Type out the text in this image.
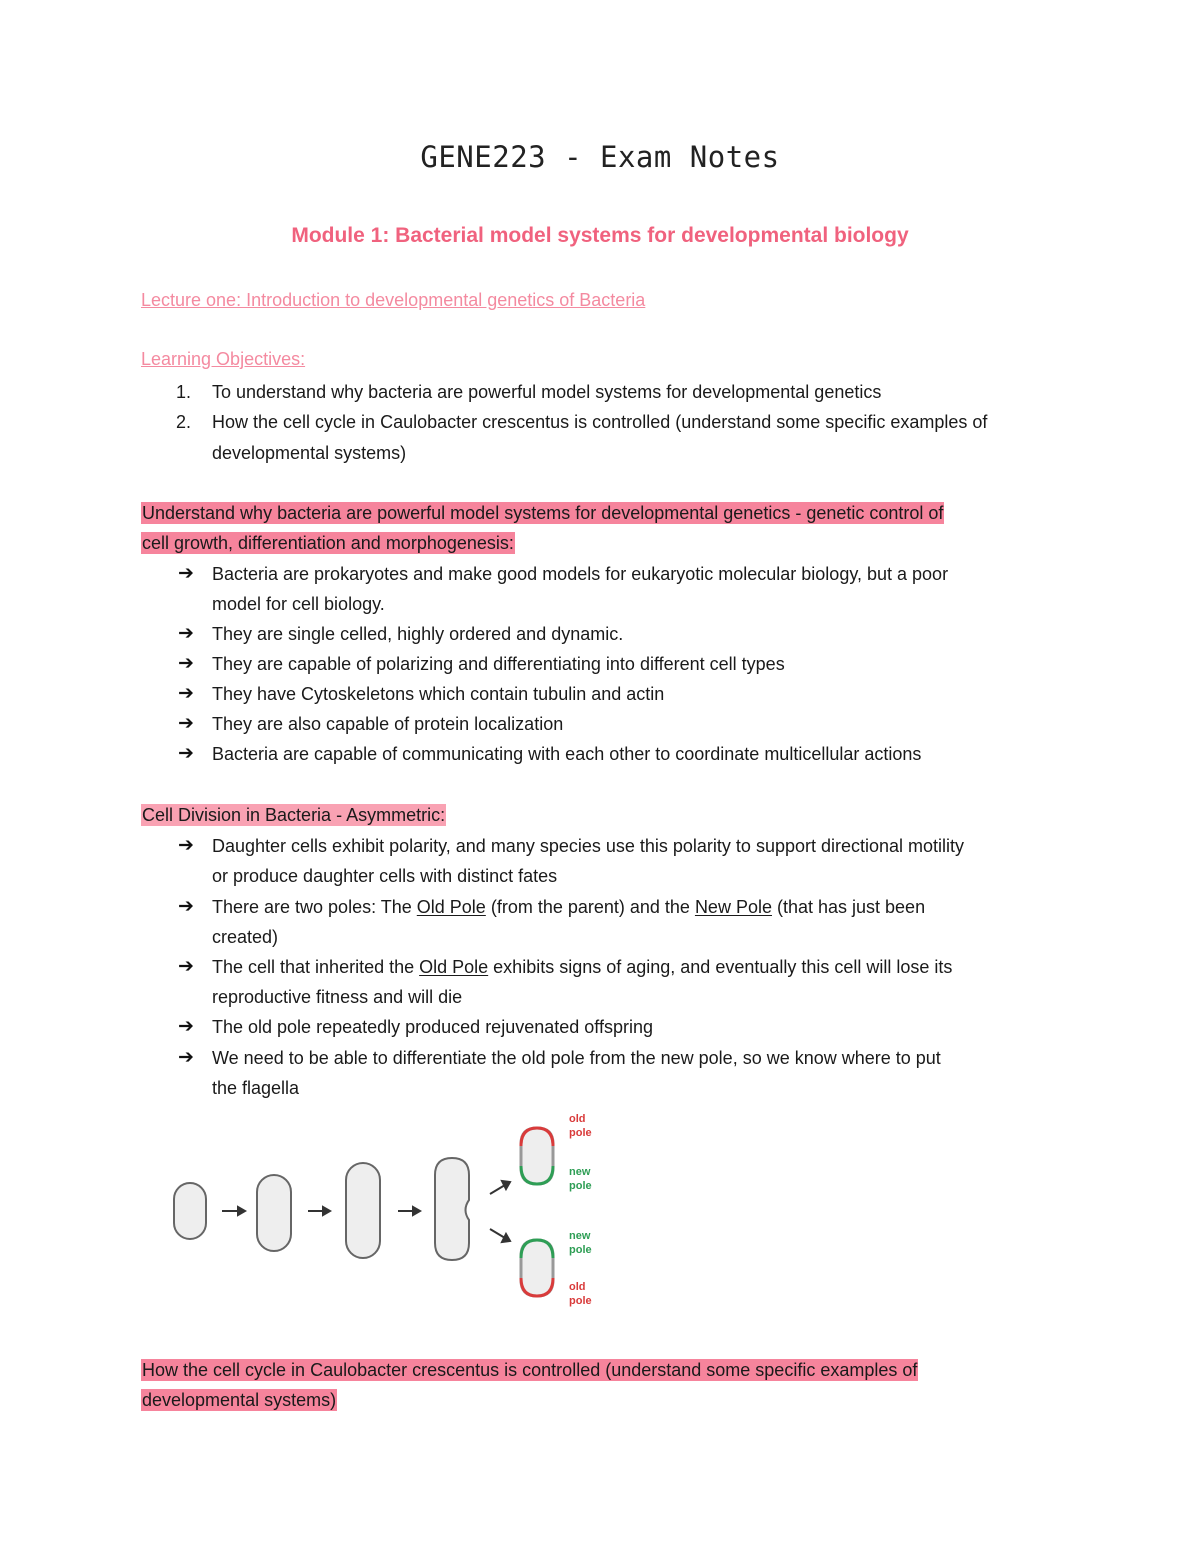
GENE223 - Exam Notes
Module 1: Bacterial model systems for developmental biology
Lecture one: Introduction to developmental genetics of Bacteria
Learning Objectives:
1. To understand why bacteria are powerful model systems for developmental genetics
2. How the cell cycle in Caulobacter crescentus is controlled (understand some specific examples of
developmental systems)
Understand why bacteria are powerful model systems for developmental genetics - genetic control of
cell growth, differentiation and morphogenesis:
➔ Bacteria are prokaryotes and make good models for eukaryotic molecular biology, but a poor
model for cell biology.
➔ They are single celled, highly ordered and dynamic.
➔ They are capable of polarizing and differentiating into different cell types
➔ They have Cytoskeletons which contain tubulin and actin
➔ They are also capable of protein localization
➔ Bacteria are capable of communicating with each other to coordinate multicellular actions
Cell Division in Bacteria - Asymmetric:
➔ Daughter cells exhibit polarity, and many species use this polarity to support directional motility
or produce daughter cells with distinct fates
➔ There are two poles: The Old Pole (from the parent) and the New Pole (that has just been
created)
➔ The cell that inherited the Old Pole exhibits signs of aging, and eventually this cell will lose its
reproductive fitness and will die
➔ The old pole repeatedly produced rejuvenated offspring
➔ We need to be able to differentiate the old pole from the new pole, so we know where to put
the flagella
old
pole
new
pole
new
pole
old
pole
How the cell cycle in Caulobacter crescentus is controlled (understand some specific examples of
developmental systems)
